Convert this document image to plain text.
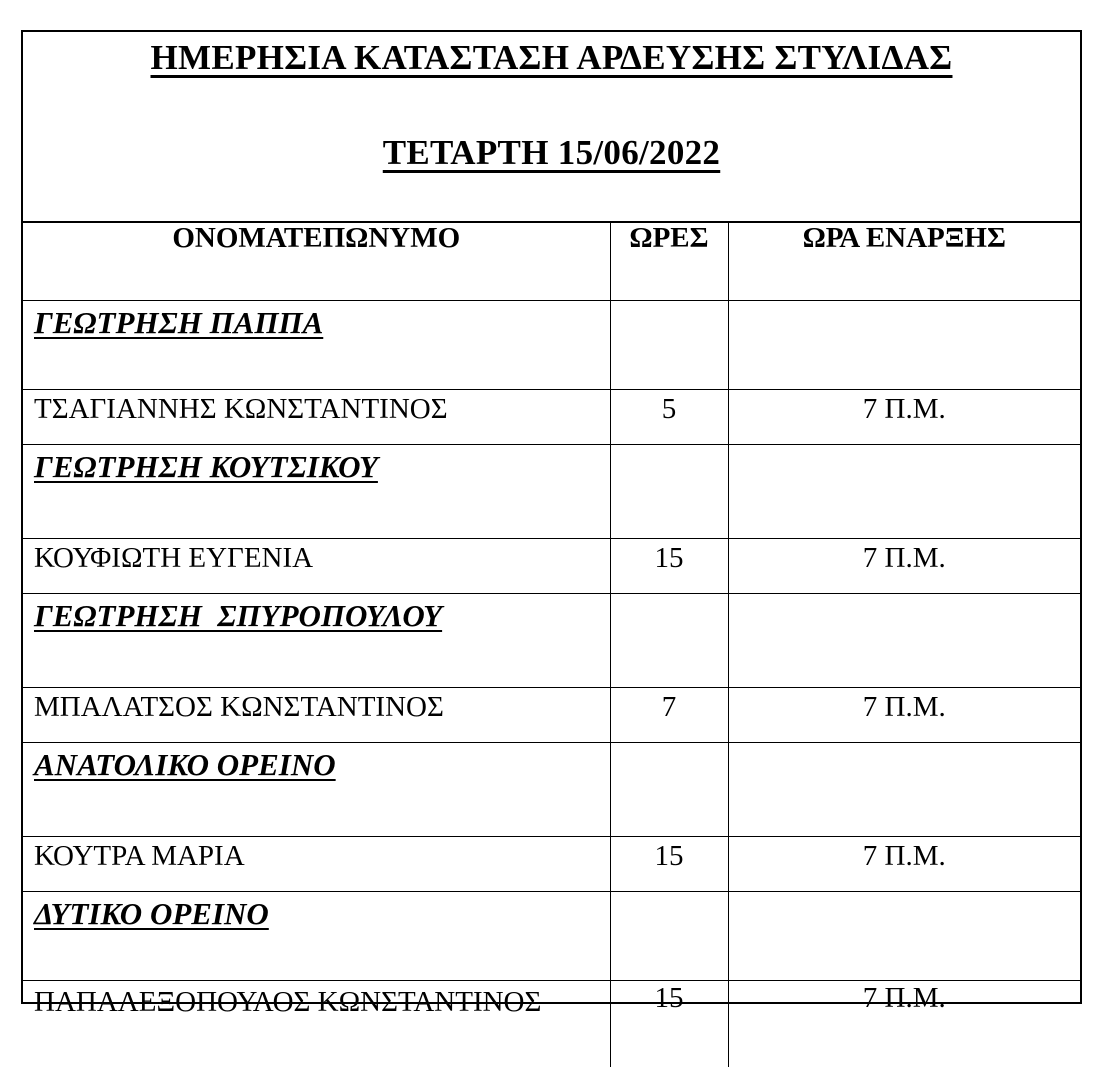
ΗΜΕΡΗΣΙΑ ΚΑΤΑΣΤΑΣΗ ΑΡΔΕΥΣΗΣ ΣΤΥΛΙΔΑΣ
ΤΕΤΑΡΤΗ 15/06/2022
ΟΝΟΜΑΤΕΠΩΝΥΜΟ	ΩΡΕΣ	ΩΡΑ ΕΝΑΡΞΗΣ
ΓΕΩΤΡΗΣΗ ΠΑΠΠΑ		
ΤΣΑΓΙΑΝΝΗΣ ΚΩΝΣΤΑΝΤΙΝΟΣ	5	7 Π.Μ.
ΓΕΩΤΡΗΣΗ ΚΟΥΤΣΙΚΟΥ		
ΚΟΥΦΙΩΤΗ ΕΥΓΕΝΙΑ	15	7 Π.Μ.
ΓΕΩΤΡΗΣΗ  ΣΠΥΡΟΠΟΥΛΟΥ		
ΜΠΑΛΑΤΣΟΣ ΚΩΝΣΤΑΝΤΙΝΟΣ	7	7 Π.Μ.
ΑΝΑΤΟΛΙΚΟ ΟΡΕΙΝΟ		
ΚΟΥΤΡΑ ΜΑΡΙΑ	15	7 Π.Μ.
ΔΥΤΙΚΟ ΟΡΕΙΝΟ		
ΠΑΠΑΛΕΞΟΠΟΥΛΟΣ ΚΩΝΣΤΑΝΤΙΝΟΣ	15	7 Π.Μ.
